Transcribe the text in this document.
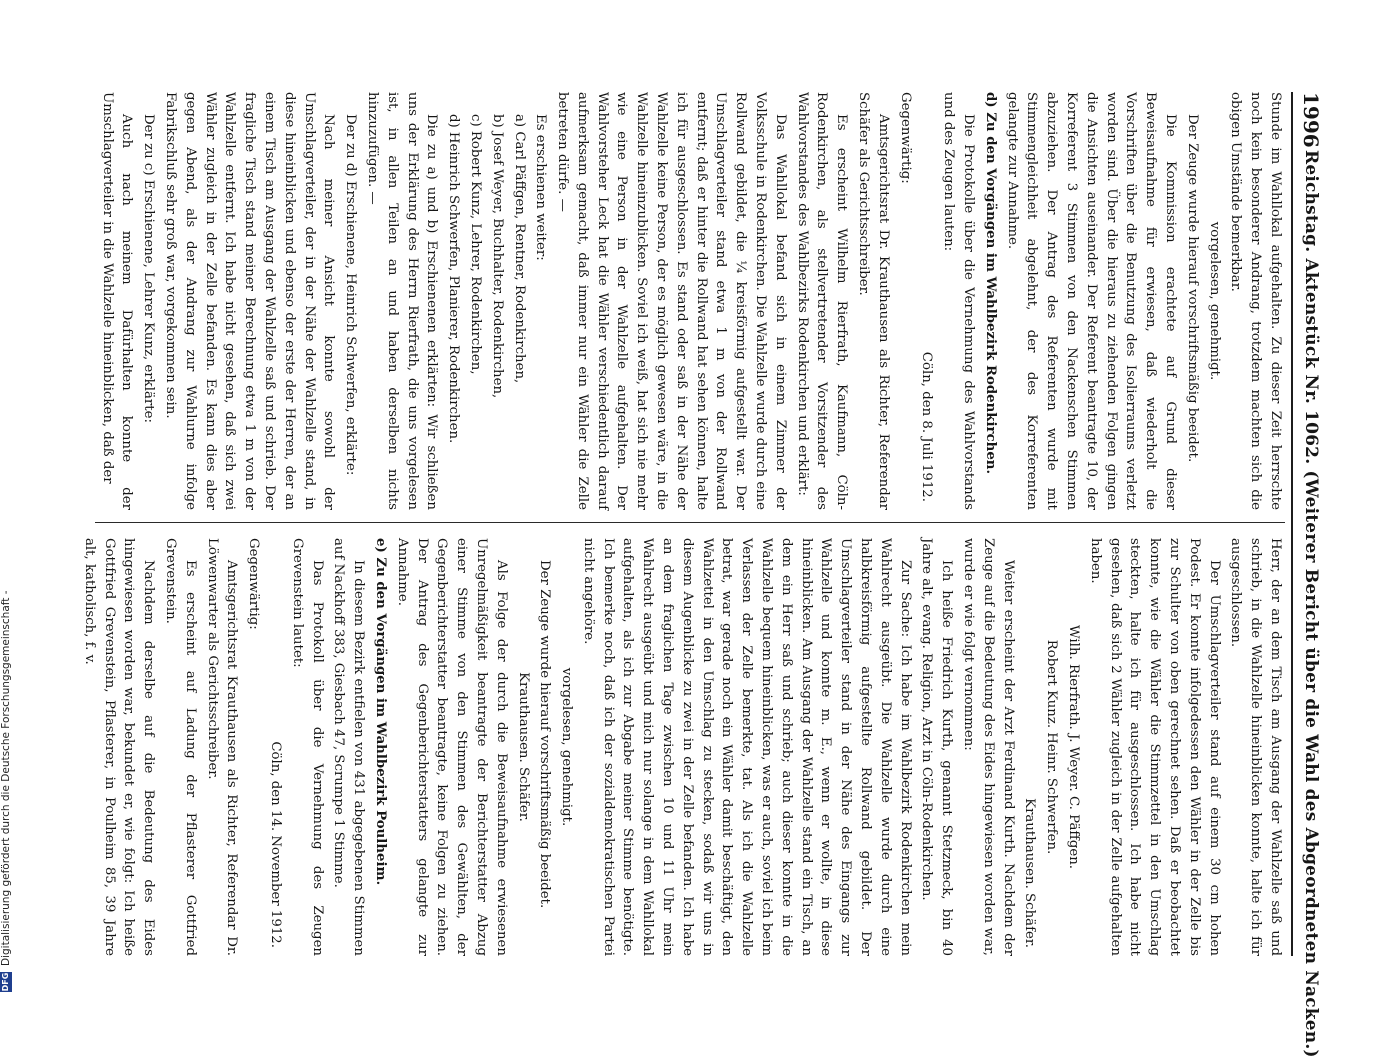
1996
Reichstag. Aktenstück Nr. 1062. (Weiterer Bericht über die Wahl des Abgeordneten Nacken.)

Stunde im Wahllokal aufgehalten. Zu dieser Zeit herrschte noch kein besonderer Andrang, trotzdem machten sich die obigen Umstände bemerkbar.

vorgelesen, genehmigt.

Der Zeuge wurde hierauf vorschriftsmäßig beeidet.

Die Kommission erachtete auf Grund dieser Beweisaufnahme für erwiesen, daß wiederholt die Vorschriften über die Benutzung des Isolierraums verletzt worden sind. Über die hieraus zu ziehenden Folgen gingen die Ansichten auseinander. Der Referent beantragte 10, der Korreferent 3 Stimmen von den Nackenschen Stimmen abzuziehen. Der Antrag des Referenten wurde mit Stimmengleichheit abgelehnt, der des Korreferenten gelangte zur Annahme.

d) Zu den Vorgängen im Wahlbezirk Rodenkirchen.

Die Protokolle über die Vernehmung des Wahlvorstands und des Zeugen lauten:

Cöln, den 8. Juli 1912.

Gegenwärtig:

Amtsgerichtsrat Dr. Krauthausen als Richter, Referendar Schäfer als Gerichtsschreiber.

Es erscheint Wilhelm Rierfrath, Kaufmann, Cöln-Rodenkirchen, als stellvertretender Vorsitzender des Wahlvorstandes des Wahlbezirks Rodenkirchen und erklärt:

Das Wahllokal befand sich in einem Zimmer der Volksschule in Rodenkirchen. Die Wahlzelle wurde durch eine Rollwand gebildet, die ¼ kreisförmig aufgestellt war. Der Umschlagverteiler stand etwa 1 m von der Rollwand entfernt; daß er hinter die Rollwand hat sehen können, halte ich für ausgeschlossen. Es stand oder saß in der Nähe der Wahlzelle keine Person, der es möglich gewesen wäre, in die Wahlzelle hineinzublicken. Soviel ich weiß, hat sich nie mehr wie eine Person in der Wahlzelle aufgehalten. Der Wahlvorsteher Leck hat die Wähler verschiedentlich darauf aufmerksam gemacht, daß immer nur ein Wähler die Zelle betreten dürfe. —

Es erschienen weiter:

a) Carl Päffgen, Rentner, Rodenkirchen,

b) Josef Weyer, Buchhalter, Rodenkirchen,

c) Robert Kunz, Lehrer, Rodenkirchen,

d) Heinrich Schwerfen, Planierer, Rodenkirchen.

Die zu a) und b) Erschienenen erklärten: Wir schließen uns der Erklärung des Herrn Rierfrath, die uns vorgelesen ist, in allen Teilen an und haben derselben nichts hinzuzufügen. —

Der zu d) Erschienene, Heinrich Schwerfen, erklärte:

Nach meiner Ansicht konnte sowohl der Umschlagverteiler, der in der Nähe der Wahlzelle stand, in diese hineinblicken und ebenso der erste der Herren, der an einem Tisch am Ausgang der Wahlzelle saß und schrieb. Der fragliche Tisch stand meiner Berechnung etwa 1 m von der Wahlzelle entfernt. Ich habe nicht gesehen, daß sich zwei Wähler zugleich in der Zelle befanden. Es kann dies aber gegen Abend, als der Andrang zur Wahlurne infolge Fabrikschluß sehr groß war, vorgekommen sein.

Der zu c) Erschienene, Lehrer Kunz, erklärte:

Auch nach meinem Dafürhalten konnte der Umschlagverteiler in die Wahlzelle hineinblicken, daß der

Herr, der an dem Tisch am Ausgang der Wahlzelle saß und schrieb, in die Wahlzelle hineinblicken konnte, halte ich für ausgeschlossen.

Der Umschlagverteiler stand auf einem 30 cm hohen Podest. Er konnte infolgedessen den Wähler in der Zelle bis zur Schulter von oben gerechnet sehen. Daß er beobachtet konnte, wie die Wähler die Stimmzettel in den Umschlag steckten, halte ich für ausgeschlossen. Ich habe nicht gesehen, daß sich 2 Wähler zugleich in der Zelle aufgehalten haben.

Wilh. Rierfrath. J. Weyer. C. Päffgen.

Robert Kunz. Heinr. Schwerfen.

Krauthausen. Schäfer.

Weiter erscheint der Arzt Ferdinand Kurth. Nachdem der Zeuge auf die Bedeutung des Eides hingewiesen worden war, wurde er wie folgt vernommen:

Ich heiße Friedrich Kurth, genannt Stetzmeck, bin 40 Jahre alt, evang. Religion, Arzt in Cöln-Rodenkirchen.

Zur Sache: Ich habe im Wahlbezirk Rodenkirchen mein Wahlrecht ausgeübt. Die Wahlzelle wurde durch eine halbkreisförmig aufgestellte Rollwand gebildet. Der Umschlagverteiler stand in der Nähe des Eingangs zur Wahlzelle und konnte m. E., wenn er wollte, in diese hineinblicken. Am Ausgang der Wahlzelle stand ein Tisch, an dem ein Herr saß und schrieb; auch dieser konnte in die Wahlzelle bequem hineinblicken, was er auch, soviel ich beim Verlassen der Zelle bemerkte, tat. Als ich die Wahlzelle betrat, war gerade noch ein Wähler damit beschäftigt, den Wahlzettel in den Umschlag zu stecken, sodaß wir uns in diesem Augenblicke zu zwei in der Zelle befanden. Ich habe an dem fraglichen Tage zwischen 10 und 11 Uhr mein Wahlrecht ausgeübt und mich nur solange in dem Wahllokal aufgehalten, als ich zur Abgabe meiner Stimme benötigte. Ich bemerke noch, daß ich der sozialdemokratischen Partei nicht angehöre.

vorgelesen, genehmigt.

Der Zeuge wurde hierauf vorschriftsmäßig beeidet.

Krauthausen. Schäfer.

Als Folge der durch die Beweisaufnahme erwiesenen Unregelmäßigkeit beantragte der Berichterstatter Abzug einer Stimme von den Stimmen des Gewählten, der Gegenberichterstatter beantragte, keine Folgen zu ziehen. Der Antrag des Gegenberichterstatters gelangte zur Annahme.

e) Zu den Vorgängen im Wahlbezirk Poulheim.

In diesem Bezirk entfielen von 431 abgegebenen Stimmen auf Nackhoff 383, Giesbach 47, Scrumpe 1 Stimme.

Das Protokoll über die Vernehmung des Zeugen Grevenstein lautet:

Cöln, den 14. November 1912.

Gegenwärtig:

Amtsgerichtsrat Krauthausen als Richter, Referendar Dr. Löwenwarter als Gerichtsschreiber.

Es erscheint auf Ladung der Pflasterer Gottfried Grevenstein.

Nachdem derselbe auf die Bedeutung des Eides hingewiesen worden war, bekundet er, wie folgt: Ich heiße Gottfried Grevenstein, Pflasterer, in Poulheim 85, 39 Jahre alt, katholisch, f. v.

DFGDigitalisierung gefördert durch die Deutsche Forschungsgemeinschaft -
